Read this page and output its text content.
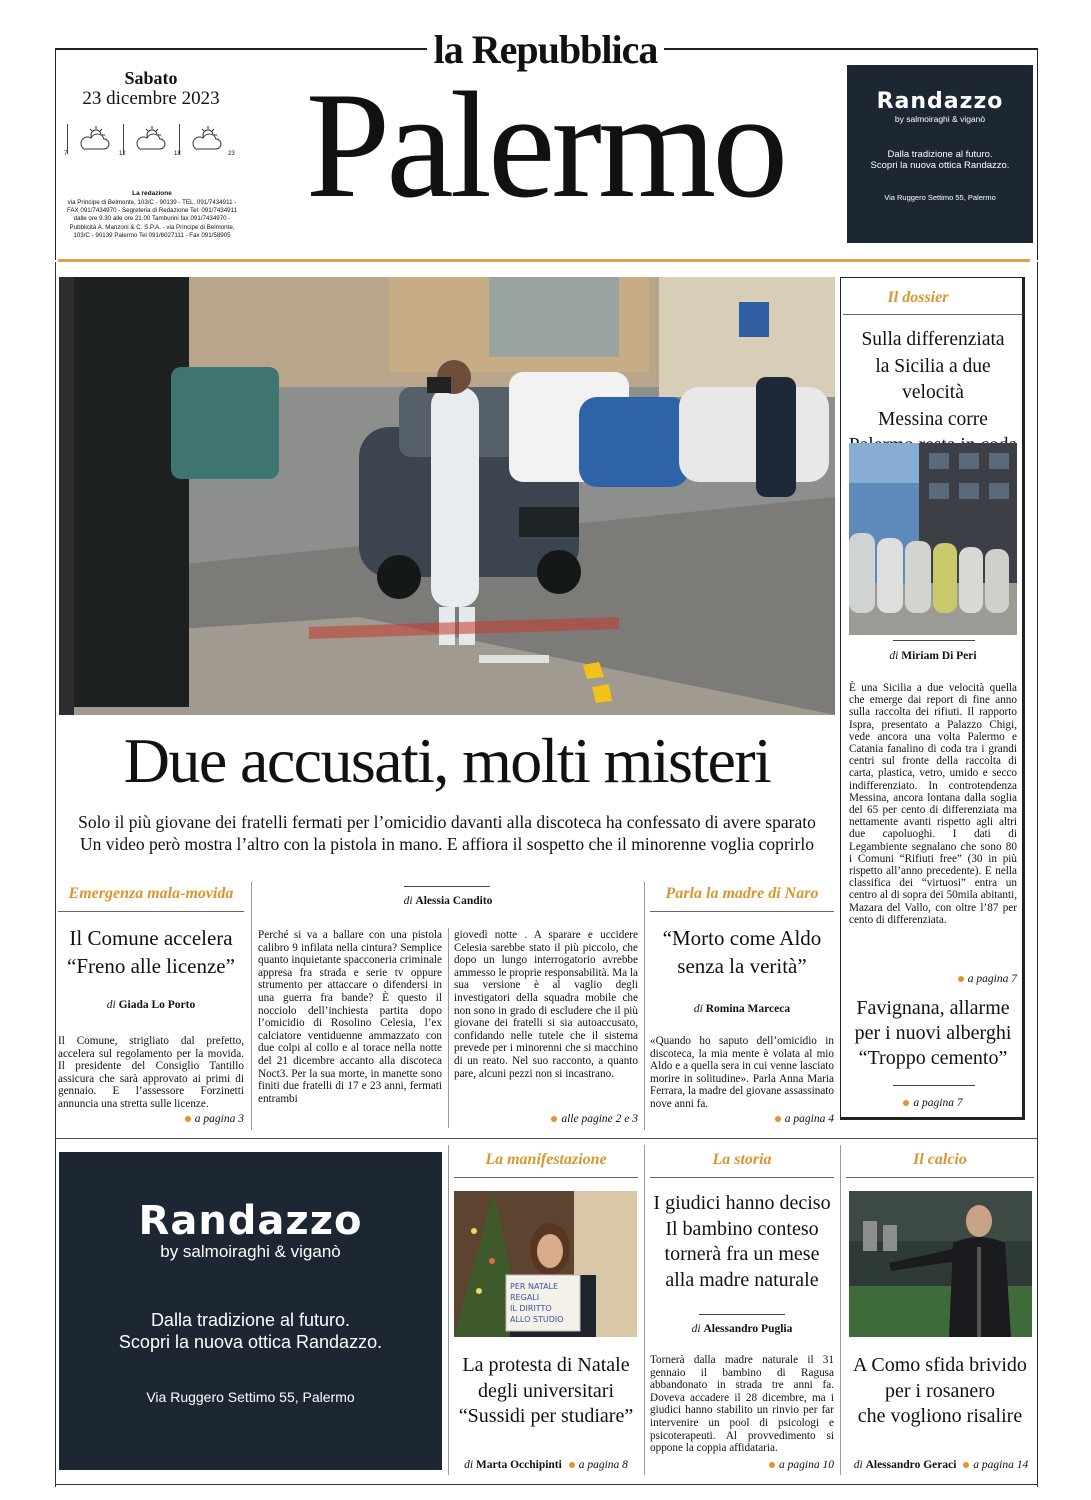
la Repubblica
Sabato
23 dicembre 2023
7	12	18	23
La redazione
via Principe di Belmonte, 103/C - 90139 - TEL. 091/7434911 - FAX 091/7434970 - Segreteria di Redazione Tel. 091/7434911 dalle ore 9.30 alle ore 21.00 Tamburini fax 091/7434970 - Pubblicità A. Manzoni & C. S.P.A. - via Principe di Belmonte, 103/C - 90139 Palermo Tel 091/6027111 - Fax 091/58905
Palermo	Randazzo
by salmoiraghi & viganò
Dalla tradizione al futuro.
Scopri la nuova ottica Randazzo.
Via Ruggero Settimo 55, Palermo
Due accusati, molti misteri
Solo il più giovane dei fratelli fermati per l’omicidio davanti alla discoteca ha confessato di avere sparato
Un video però mostra l’altro con la pistola in mano. E affiora il sospetto che il minorenne voglia coprirlo
Il dossier
Sulla differenziata
la Sicilia a due velocità
Messina corre
di Miriam Di Peri
È una Sicilia a due velocità quella che emerge dai report di fine anno sulla raccolta dei rifiuti. Il rapporto Ispra, presentato a Palazzo Chigi, vede ancora una volta Palermo e Catania fanalino di coda tra i grandi centri sul fronte della raccolta di carta, plastica, vetro, umido e secco indifferenziato. In controtendenza Messina, ancora lontana dalla soglia del 65 per cento di differenziata ma nettamente avanti rispetto agli altri due capoluoghi. I dati di Legambiente segnalano che sono 80 i Comuni “Rifiuti free” (30 in più rispetto all’anno precedente). E nella classifica dei “virtuosi” entra un centro al di sopra dei 50mila abitanti, Mazara del Vallo, con oltre l’87 per cento di differenziata.
a pagina 7
Favignana, allarme
per i nuovi alberghi
“Troppo cemento”
a pagina 7
Emergenza mala-movida
Il Comune accelera
“Freno alle licenze”
di Giada Lo Porto
Il Comune, strigliato dal prefetto, accelera sul regolamento per la movida. Il presidente del Consiglio Tantillo assicura che sarà approvato ai primi di gennaio. E l’assessore Forzinetti annuncia una stretta sulle licenze.
a pagina 3
di Alessia Candito
Perché si va a ballare con una pistola calibro 9 infilata nella cintura? Semplice quanto inquietante spacconeria criminale appresa fra strada e serie tv oppure strumento per attaccare o difendersi in una guerra fra bande? È questo il nocciolo dell’inchiesta partita dopo l’omicidio di Rosolino Celesia, l’ex calciatore ventiduenne ammazzato con due colpi al collo e al torace nella notte del 21 dicembre accanto alla discoteca Noct3. Per la sua morte, in manette sono finiti due fratelli di 17 e 23 anni, fermati entrambi
giovedì notte . A sparare e uccidere Celesia sarebbe stato il più piccolo, che dopo un lungo interrogatorio avrebbe ammesso le proprie responsabilità. Ma la sua versione è al vaglio degli investigatori della squadra mobile che non sono in grado di escludere che il più giovane dei fratelli si sia autoaccusato, confidando nelle tutele che il sistema prevede per i minorenni che si macchino di un reato. Nel suo racconto, a quanto pare, alcuni pezzi non si incastrano.
alle pagine 2 e 3
Parla la madre di Naro
“Morto come Aldo
senza la verità”
di Romina Marceca
«Quando ho saputo dell’omicidio in discoteca, la mia mente è volata al mio Aldo e a quella sera in cui venne lasciato morire in solitudine». Parla Anna Maria Ferrara, la madre del giovane assassinato nove anni fa.
a pagina 4
Randazzo
by salmoiraghi & viganò
Dalla tradizione al futuro.
Scopri la nuova ottica Randazzo.
Via Ruggero Settimo 55, Palermo
La manifestazione
PER NATALE
REGALI
IL DIRITTO
ALLO STUDIO
La protesta di Natale
degli universitari
“Sussidi per studiare”
di Marta Occhipinti a pagina 8
La storia
I giudici hanno deciso
Il bambino conteso
tornerà fra un mese
alla madre naturale
di Alessandro Puglia
Tornerà dalla madre naturale il 31 gennaio il bambino di Ragusa abbandonato in strada tre anni fa. Doveva accadere il 28 dicembre, ma i giudici hanno stabilito un rinvio per far intervenire un pool di psicologi e psicoterapeuti. Al provvedimento si oppone la coppia affidataria.
a pagina 10
Il calcio
A Como sfida brivido
per i rosanero
che vogliono risalire
di Alessandro Geraci a pagina 14
